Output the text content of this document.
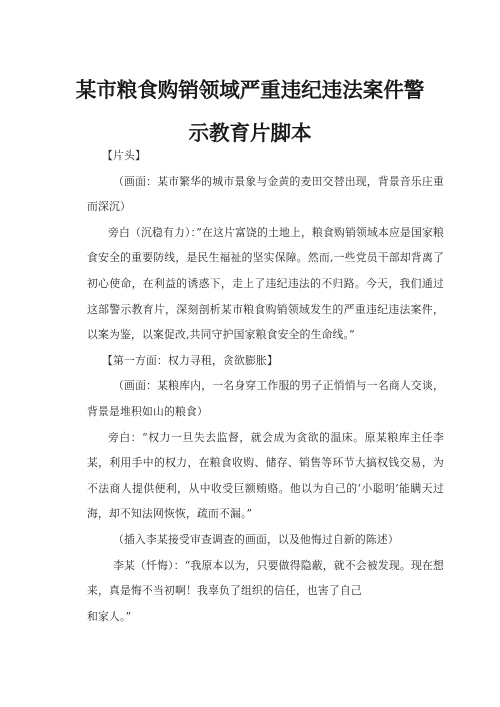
某市粮食购销领域严重违纪违法案件警
示教育片脚本

【片头】

（画面：某市繁华的城市景象与金黄的麦田交替出现，背景音乐庄重而深沉）

旁白（沉稳有力）：”在这片富饶的土地上，粮食购销领域本应是国家粮食安全的重要防线，是民生福祉的坚实保障。然而,一些党员干部却背离了初心使命，在利益的诱惑下，走上了违纪违法的不归路。今天，我们通过这部警示教育片，深刻剖析某市粮食购销领域发生的严重违纪违法案件，以案为鉴，以案促改,共同守护国家粮食安全的生命线。”

【第一方面：权力寻租，贪欲膨胀】

（画面：某粮库内，一名身穿工作服的男子正悄悄与一名商人交谈，背景是堆积如山的粮食）

旁白：“权力一旦失去监督，就会成为贪欲的温床。原某粮库主任李某，利用手中的权力，在粮食收购、储存、销售等环节大搞权钱交易，为不法商人提供便利，从中收受巨额贿赂。他以为自己的‘小聪明’能瞒天过海，却不知法网恢恢，疏而不漏。”

（插入李某接受审查调查的画面，以及他悔过自新的陈述）

李某（忏悔）：“我原本以为，只要做得隐蔽，就不会被发现。现在想来，真是悔不当初啊！我辜负了组织的信任，也害了自己

和家人。”
